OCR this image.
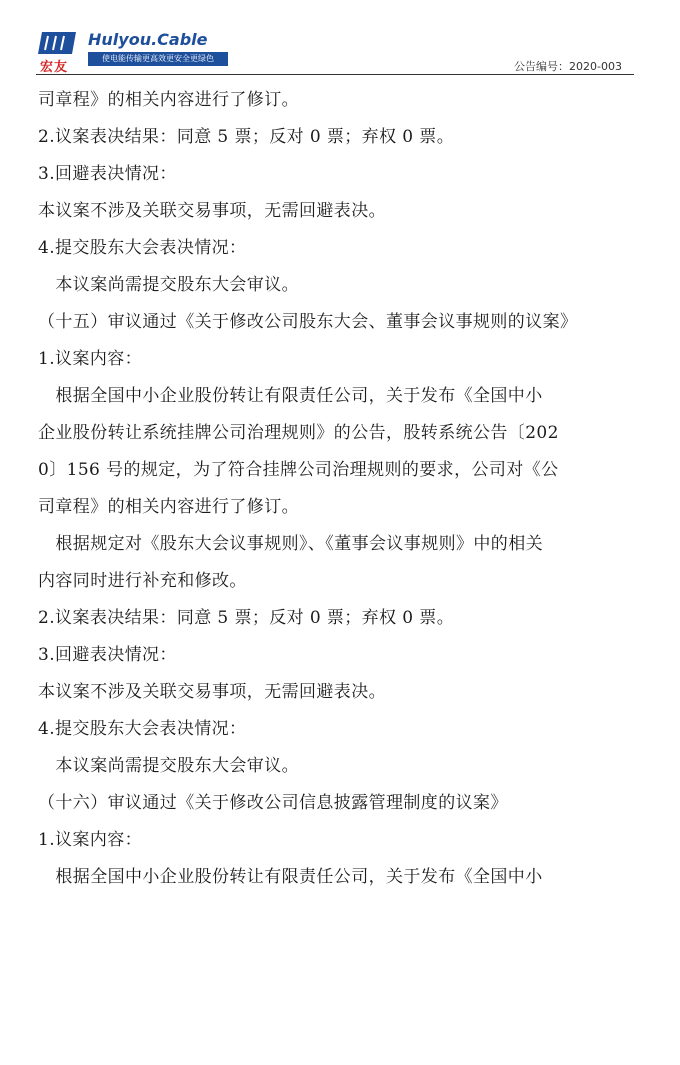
宏友
Hulyou.Cable
使电能传输更高效更安全更绿色
公告编号：2020-003

司章程》的相关内容进行了修订。

2.议案表决结果：同意 5 票；反对 0 票；弃权 0 票。

3.回避表决情况：

本议案不涉及关联交易事项，无需回避表决。

4.提交股东大会表决情况：

　本议案尚需提交股东大会审议。

（十五）审议通过《关于修改公司股东大会、董事会议事规则的议案》

1.议案内容：

　根据全国中小企业股份转让有限责任公司，关于发布《全国中小

企业股份转让系统挂牌公司治理规则》的公告，股转系统公告〔202

0〕156 号的规定，为了符合挂牌公司治理规则的要求，公司对《公

司章程》的相关内容进行了修订。

　根据规定对《股东大会议事规则》、《董事会议事规则》中的相关

内容同时进行补充和修改。

2.议案表决结果：同意 5 票；反对 0 票；弃权 0 票。

3.回避表决情况：

本议案不涉及关联交易事项，无需回避表决。

4.提交股东大会表决情况：

　本议案尚需提交股东大会审议。

（十六）审议通过《关于修改公司信息披露管理制度的议案》

1.议案内容：

　根据全国中小企业股份转让有限责任公司，关于发布《全国中小
